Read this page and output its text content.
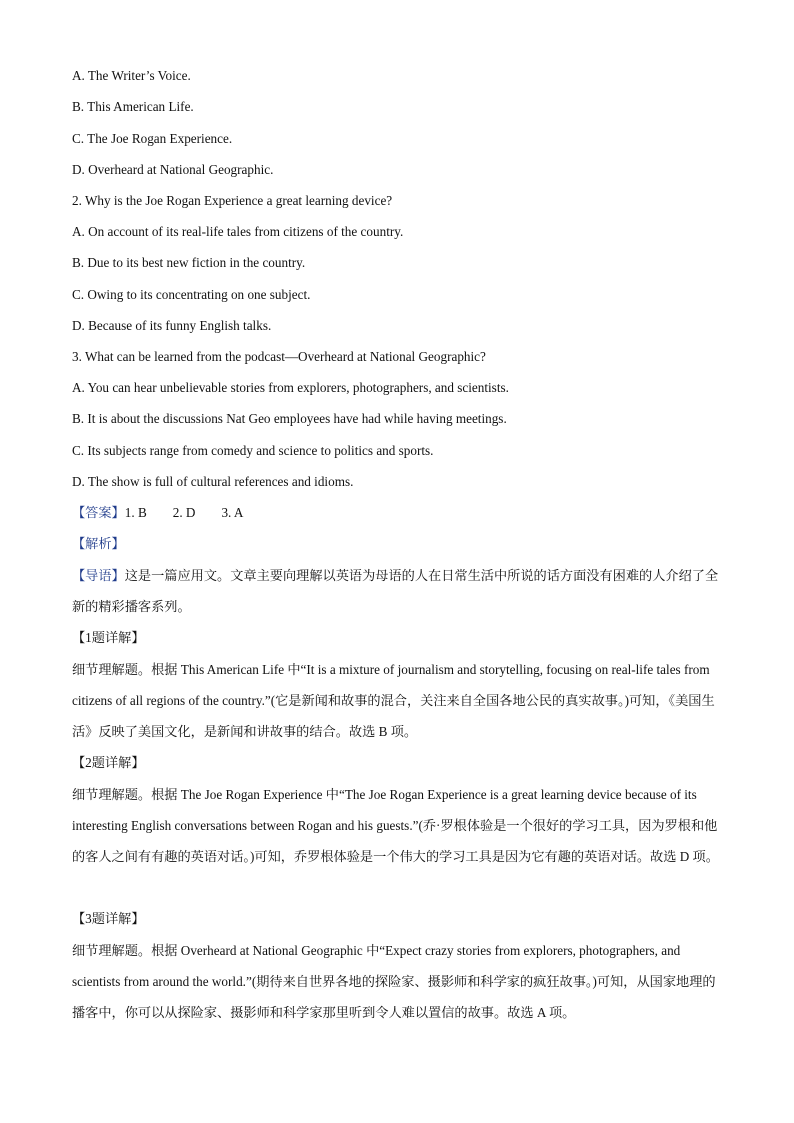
A. The Writer’s Voice.
B. This American Life.
C. The Joe Rogan Experience.
D. Overheard at National Geographic.
2. Why is the Joe Rogan Experience a great learning device?
A. On account of its real-life tales from citizens of the country.
B. Due to its best new fiction in the country.
C. Owing to its concentrating on one subject.
D. Because of its funny English talks.
3. What can be learned from the podcast—Overheard at National Geographic?
A. You can hear unbelievable stories from explorers, photographers, and scientists.
B. It is about the discussions Nat Geo employees have had while having meetings.
C. Its subjects range from comedy and science to politics and sports.
D. The show is full of cultural references and idioms.
【答案】1. B 2. D 3. A
【解析】
【导语】这是一篇应用文。文章主要向理解以英语为母语的人在日常生活中所说的话方面没有困难的人介绍了全新的精彩播客系列。
【1题详解】
细节理解题。根据 This American Life 中“It is a mixture of journalism and storytelling, focusing on real-life tales from citizens of all regions of the country.”(它是新闻和故事的混合，关注来自全国各地公民的真实故事。)可知，《美国生活》反映了美国文化，是新闻和讲故事的结合。故选 B 项。
【2题详解】
细节理解题。根据 The Joe Rogan Experience 中“The Joe Rogan Experience is a great learning device because of its interesting English conversations between Rogan and his guests.”(乔·罗根体验是一个很好的学习工具，因为罗根和他的客人之间有有趣的英语对话。)可知，乔罗根体验是一个伟大的学习工具是因为它有趣的英语对话。故选 D 项。
【3题详解】
细节理解题。根据 Overheard at National Geographic 中“Expect crazy stories from explorers, photographers, and scientists from around the world.”(期待来自世界各地的探险家、摄影师和科学家的疯狂故事。)可知，从国家地理的播客中，你可以从探险家、摄影师和科学家那里听到令人难以置信的故事。故选 A 项。
